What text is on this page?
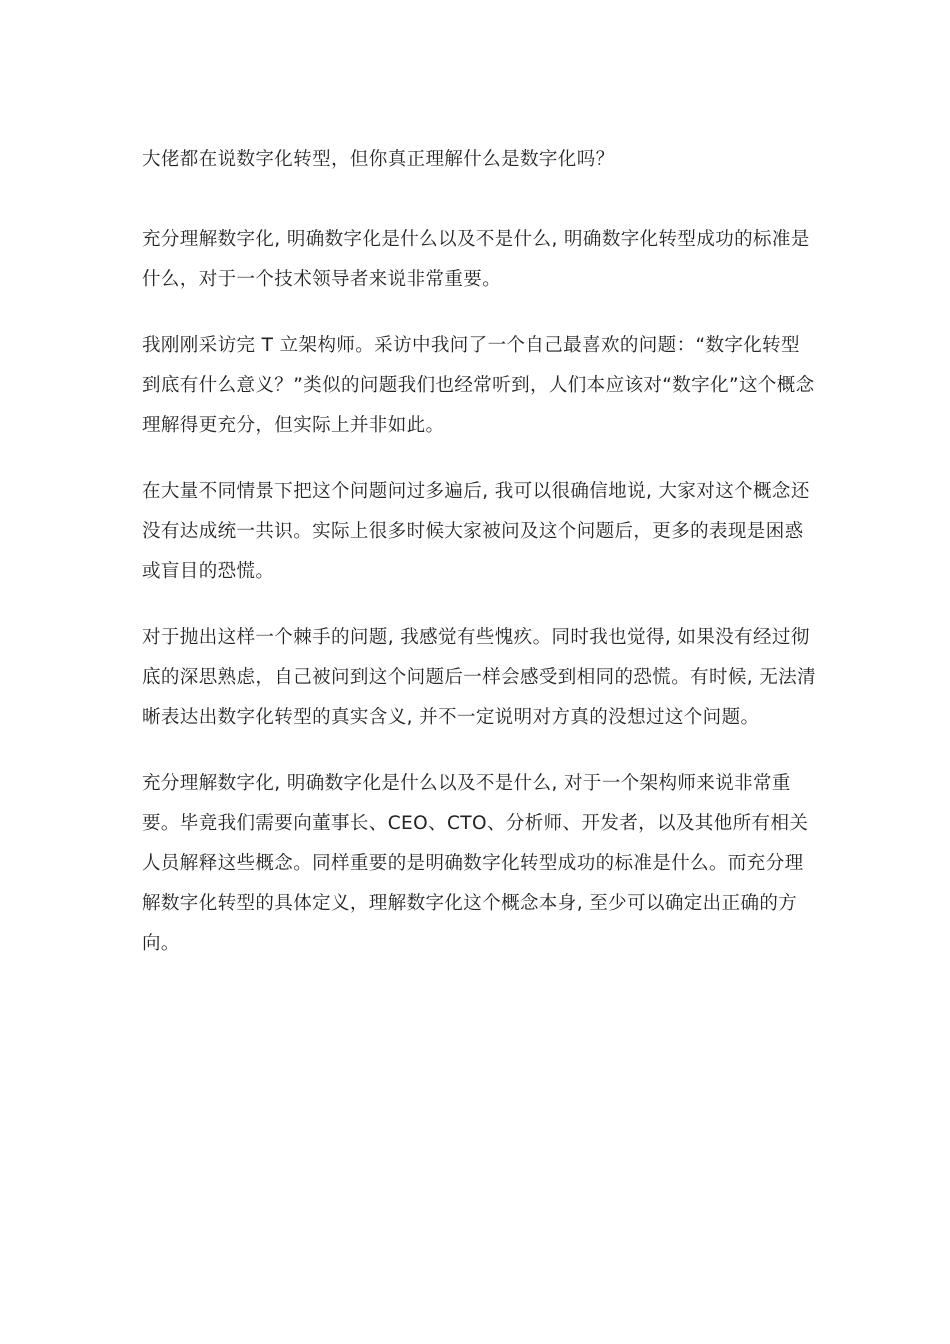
大佬都在说数字化转型，但你真正理解什么是数字化吗？

充分理解数字化, 明确数字化是什么以及不是什么, 明确数字化转型成功的标准是什么，对于一个技术领导者来说非常重要。

我刚刚采访完 T 立架构师。采访中我问了一个自己最喜欢的问题：“数字化转型到底有什么意义？”类似的问题我们也经常听到，人们本应该对“数字化”这个概念理解得更充分，但实际上并非如此。

在大量不同情景下把这个问题问过多遍后, 我可以很确信地说, 大家对这个概念还没有达成统一共识。实际上很多时候大家被问及这个问题后，更多的表现是困惑或盲目的恐慌。

对于抛出这样一个棘手的问题, 我感觉有些愧疚。同时我也觉得, 如果没有经过彻底的深思熟虑，自己被问到这个问题后一样会感受到相同的恐慌。有时候, 无法清晰表达出数字化转型的真实含义, 并不一定说明对方真的没想过这个问题。

充分理解数字化, 明确数字化是什么以及不是什么, 对于一个架构师来说非常重要。毕竟我们需要向董事长、CEO、CTO、分析师、开发者，以及其他所有相关人员解释这些概念。同样重要的是明确数字化转型成功的标准是什么。而充分理解数字化转型的具体定义，理解数字化这个概念本身, 至少可以确定出正确的方向。
